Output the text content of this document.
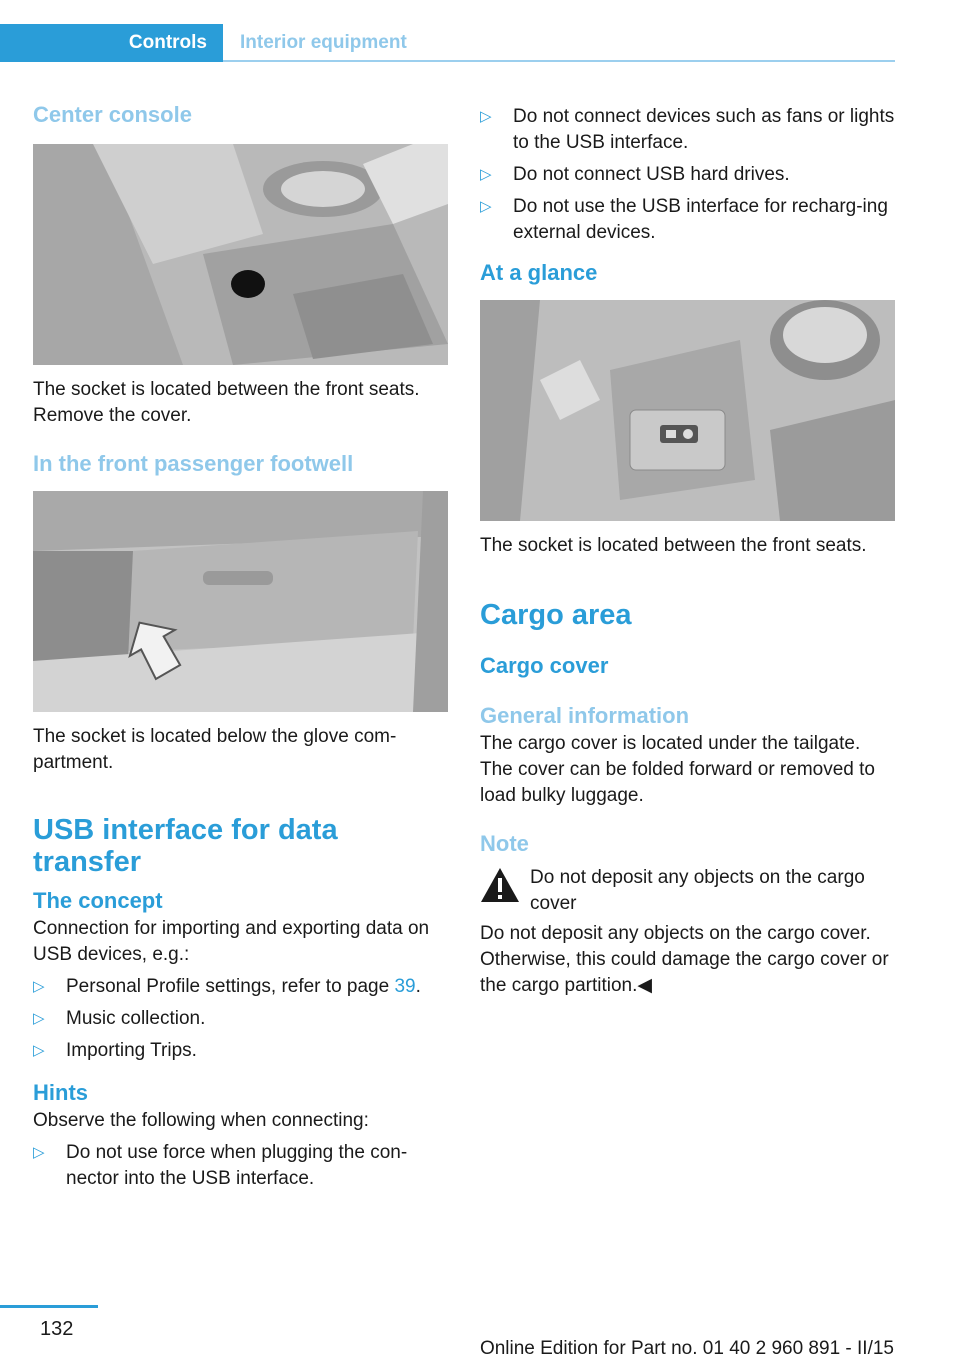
Controls	Interior equipment
Center console

The socket is located between the front seats. Remove the cover.

In the front passenger footwell

The socket is located below the glove com-partment.

USB interface for data transfer
The concept

Connection for importing and exporting data on USB devices, e.g.:

▷ Personal Profile settings, refer to page 39.
▷ Music collection.
▷ Importing Trips.
Hints

Observe the following when connecting:

▷ Do not use force when plugging the con-nector into the USB interface.
▷ Do not connect devices such as fans or lights to the USB interface.
▷ Do not connect USB hard drives.
▷ Do not use the USB interface for recharg-ing external devices.
At a glance

The socket is located between the front seats.

Cargo area
Cargo cover
General information

The cargo cover is located under the tailgate. The cover can be folded forward or removed to load bulky luggage.

Note

Do not deposit any objects on the cargo cover

Do not deposit any objects on the cargo cover. Otherwise, this could damage the cargo cover or the cargo partition.◀

132
Online Edition for Part no. 01 40 2 960 891 - II/15
